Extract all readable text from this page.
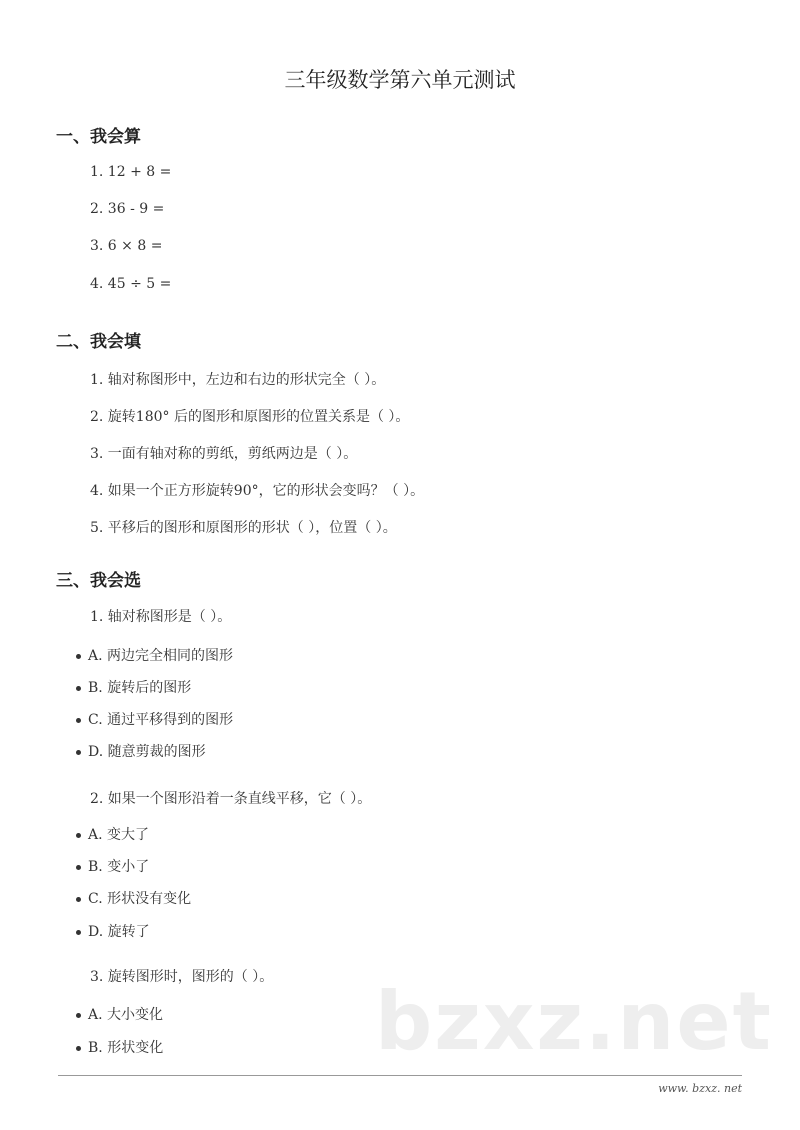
bzxz.net
三年级数学第六单元测试
一、我会算
1. 12 + 8 =
2. 36 - 9 =
3. 6 × 8 =
4. 45 ÷ 5 =
二、我会填
1. 轴对称图形中，左边和右边的形状完全（ ）。
2. 旋转180° 后的图形和原图形的位置关系是（ ）。
3. 一面有轴对称的剪纸，剪纸两边是（ ）。
4. 如果一个正方形旋转90°，它的形状会变吗？（ ）。
5. 平移后的图形和原图形的形状（ ），位置（ ）。
三、我会选
1. 轴对称图形是（ ）。
A. 两边完全相同的图形
B. 旋转后的图形
C. 通过平移得到的图形
D. 随意剪裁的图形
2. 如果一个图形沿着一条直线平移，它（ ）。
A. 变大了
B. 变小了
C. 形状没有变化
D. 旋转了
3. 旋转图形时，图形的（ ）。
A. 大小变化
B. 形状变化
www. bzxz. net
